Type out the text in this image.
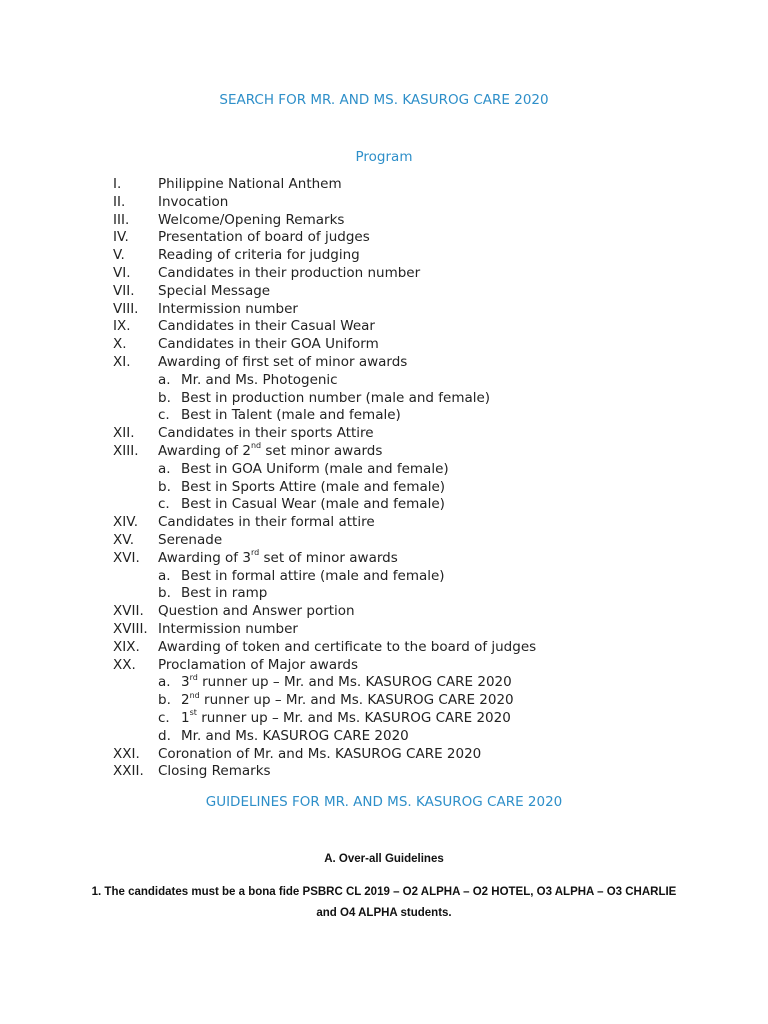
SEARCH FOR MR. AND MS. KASUROG CARE 2020
Program
I.	Philippine National Anthem
II. Invocation
III. Welcome/Opening Remarks
IV. Presentation of board of judges
V. Reading of criteria for judging
VI. Candidates in their production number
VII. Special Message
VIII. Intermission number
IX. Candidates in their Casual Wear
X. Candidates in their GOA Uniform
XI. Awarding of first set of minor awards
a. Mr. and Ms. Photogenic
b. Best in production number (male and female)
c. Best in Talent (male and female)
XII. Candidates in their sports Attire
XIII. Awarding of 2nd set minor awards
a. Best in GOA Uniform (male and female)
b. Best in Sports Attire (male and female)
c. Best in Casual Wear (male and female)
XIV. Candidates in their formal attire
XV. Serenade
XVI. Awarding of 3rd set of minor awards
a. Best in formal attire (male and female)
b. Best in ramp
XVII. Question and Answer portion
XVIII. Intermission number
XIX. Awarding of token and certificate to the board of judges
XX. Proclamation of Major awards
a. 3rd runner up – Mr. and Ms. KASUROG CARE 2020
b. 2nd runner up – Mr. and Ms. KASUROG CARE 2020
c. 1st runner up – Mr. and Ms. KASUROG CARE 2020
d. Mr. and Ms. KASUROG CARE 2020
XXI. Coronation of Mr. and Ms. KASUROG CARE 2020
XXII. Closing Remarks
GUIDELINES FOR MR. AND MS. KASUROG CARE 2020
A. Over-all Guidelines
1. The candidates must be a bona fide PSBRC CL 2019 – O2 ALPHA – O2 HOTEL, O3 ALPHA – O3 CHARLIE and O4 ALPHA students.
